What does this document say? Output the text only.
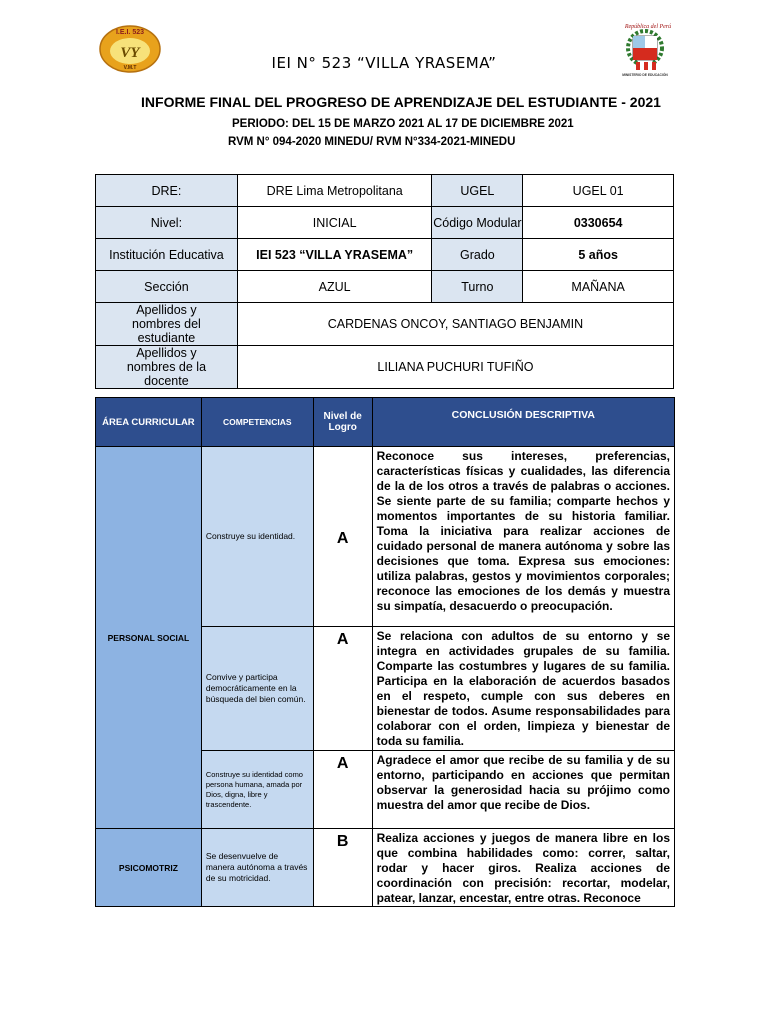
I.E.I. 523
VY
V.M.T
República del Perú
MINISTERIO DE EDUCACIÓN
IEI N° 523 “VILLA YRASEMA”
INFORME FINAL DEL PROGRESO DE APRENDIZAJE DEL ESTUDIANTE - 2021
PERIODO: DEL 15 DE MARZO 2021 AL 17 DE DICIEMBRE 2021
RVM N° 094-2020 MINEDU/ RVM N°334-2021-MINEDU
DRE:	DRE Lima Metropolitana	UGEL	UGEL 01
Nivel:	INICIAL	Código Modular	0330654
Institución Educativa	IEI 523 “VILLA YRASEMA”	Grado	5 años
Sección	AZUL	Turno	MAÑANA
Apellidos y nombres del estudiante	CARDENAS ONCOY, SANTIAGO BENJAMIN		
Apellidos y nombres de la docente	LILIANA PUCHURI TUFIÑO		
ÁREA CURRICULAR	COMPETENCIAS	Nivel de Logro	CONCLUSIÓN DESCRIPTIVA
PERSONAL SOCIAL	Construye su identidad.	A	Reconoce sus intereses, preferencias, características físicas y cualidades, las diferencia de la de los otros a través de palabras o acciones. Se siente parte de su familia; comparte hechos y momentos importantes de su historia familiar. Toma la iniciativa para realizar acciones de cuidado personal de manera autónoma y sobre las decisiones que toma. Expresa sus emociones: utiliza palabras, gestos y movimientos corporales; reconoce las emociones de los demás y muestra su simpatía, desacuerdo o preocupación.
	Convive y participa democráticamente en la búsqueda del bien común.	A	Se relaciona con adultos de su entorno y se integra en actividades grupales de su familia. Comparte las costumbres y lugares de su familia. Participa en la elaboración de acuerdos basados en el respeto, cumple con sus deberes en bienestar de todos. Asume responsabilidades para colaborar con el orden, limpieza y bienestar de toda su familia.
	Construye su identidad como persona humana, amada por Dios, digna, libre y trascendente.	A	Agradece el amor que recibe de su familia y de su entorno, participando en acciones que permitan observar la generosidad hacia su prójimo como muestra del amor que recibe de Dios.
PSICOMOTRIZ	Se desenvuelve de manera autónoma a través de su motricidad.	B	Realiza acciones y juegos de manera libre en los que combina habilidades como: correr, saltar, rodar y hacer giros. Realiza acciones de coordinación con precisión: recortar, modelar, patear, lanzar, encestar, entre otras. Reconoce
